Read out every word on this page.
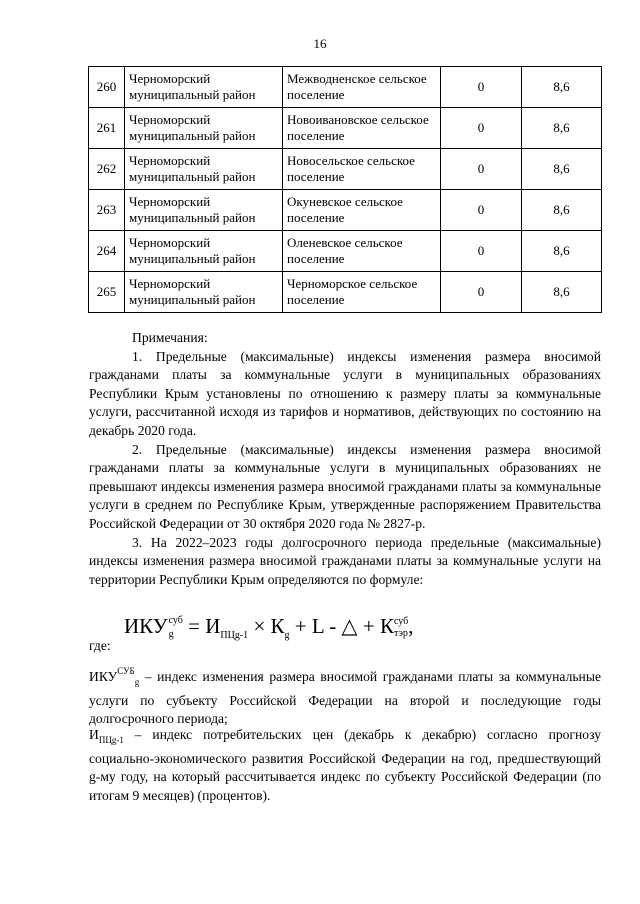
16
260	Черноморский муниципальный район	Межводненское сельское поселение	0	8,6
261	Черноморский муниципальный район	Новоивановское сельское поселение	0	8,6
262	Черноморский муниципальный район	Новосельское сельское поселение	0	8,6
263	Черноморский муниципальный район	Окуневское сельское поселение	0	8,6
264	Черноморский муниципальный район	Оленевское сельское поселение	0	8,6
265	Черноморский муниципальный район	Черноморское сельское поселение	0	8,6

Примечания:

1. Предельные (максимальные) индексы изменения размера вносимой гражданами платы за коммунальные услуги в муниципальных образованиях Республики Крым установлены по отношению к размеру платы за коммунальные услуги, рассчитанной исходя из тарифов и нормативов, действующих по состоянию на декабрь 2020 года.

2. Предельные (максимальные) индексы изменения размера вносимой гражданами платы за коммунальные услуги в муниципальных образованиях не превышают индексы изменения размера вносимой гражданами платы за коммунальные услуги в среднем по Республике Крым, утвержденные распоряжением Правительства Российской Федерации от 30 октября 2020 года № 2827-р.

3. На 2022–2023 годы долгосрочного периода предельные (максимальные) индексы изменения размера вносимой гражданами платы за коммунальные услуги на территории Республики Крым определяются по формуле:

ИКУ суб
$g = И_{ПЦg-1} \times К_g + L$ - △ + К суб
тэр ,
где:

$ИКУ^{СУБ}_g$ – индекс изменения размера вносимой гражданами платы за коммунальные услуги по субъекту Российской Федерации на второй и последующие годы долгосрочного периода;

$И_{ПЦg-1}$ – индекс потребительских цен (декабрь к декабрю) согласно прогнозу социально-экономического развития Российской Федерации на год, предшествующий g-му году, на который рассчитывается индекс по субъекту Российской Федерации (по итогам 9 месяцев) (процентов).
